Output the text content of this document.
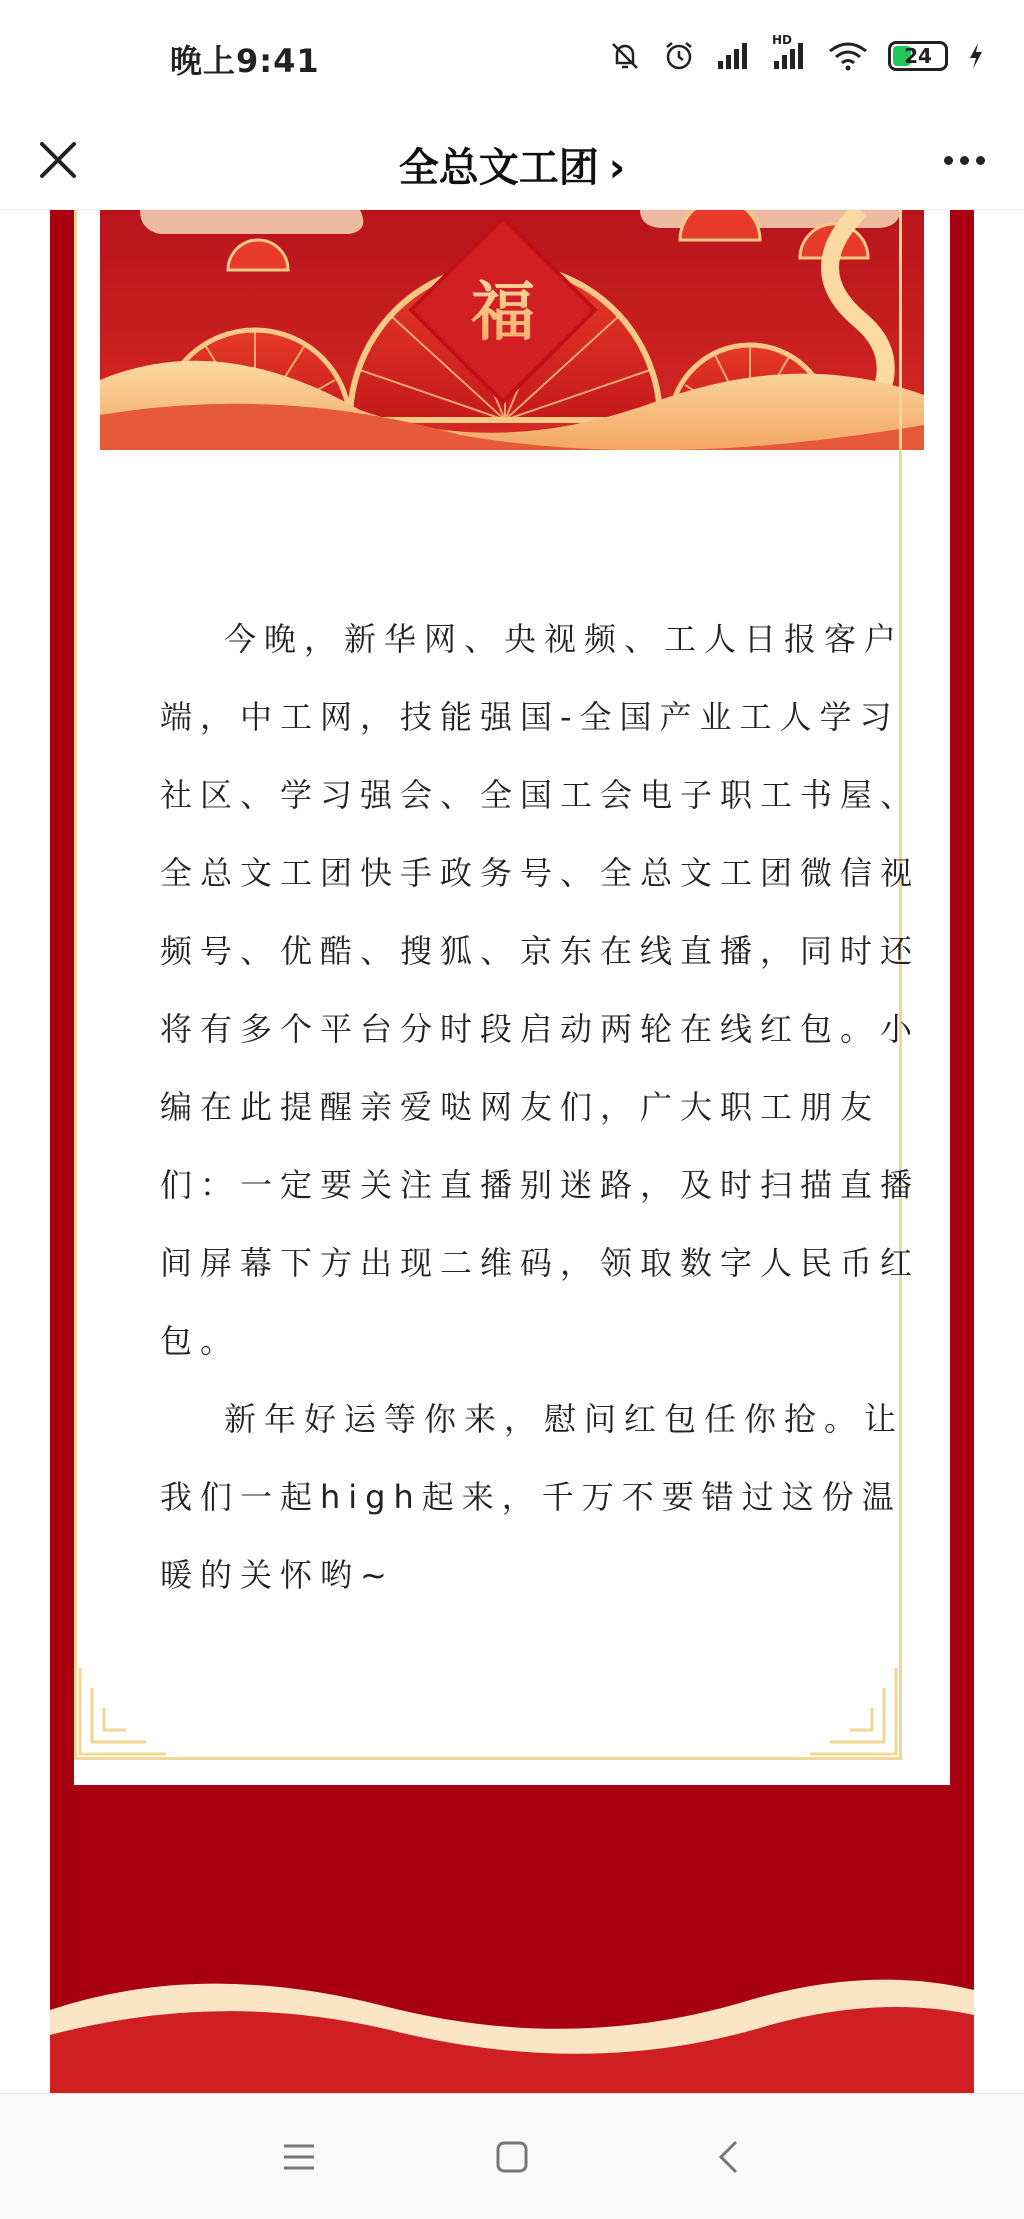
晚上9:41
HD
24
全总文工团 ›
福

今晚，新华网、央视频、工人日报客户端，中工网，技能强国-全国产业工人学习社区、学习强会、全国工会电子职工书屋、全总文工团快手政务号、全总文工团微信视频号、优酷、搜狐、京东在线直播，同时还将有多个平台分时段启动两轮在线红包。小编在此提醒亲爱哒网友们，广大职工朋友们：一定要关注直播别迷路，及时扫描直播间屏幕下方出现二维码，领取数字人民币红包。

新年好运等你来，慰问红包任你抢。让我们一起high起来，千万不要错过这份温暖的关怀哟~
